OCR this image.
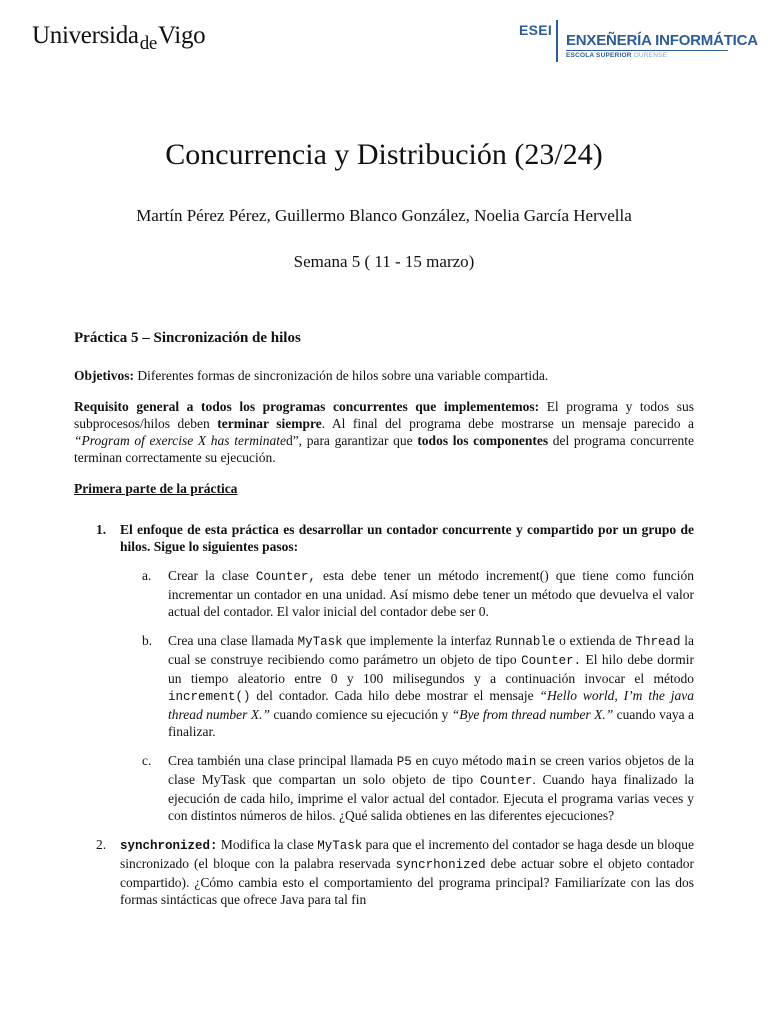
Universida$_{de}$Vigo	ESEI
ENXEÑERÍA INFORMÁTICA
ESCOLA SUPERIOR OURENSE
Concurrencia y Distribución (23/24)
Martín Pérez Pérez, Guillermo Blanco González, Noelia García Hervella
Semana 5 ( 11 - 15 marzo)
Práctica 5 – Sincronización de hilos

Objetivos: Diferentes formas de sincronización de hilos sobre una variable compartida.

Requisito general a todos los programas concurrentes que implementemos: El programa y todos sus subprocesos/hilos deben terminar siempre. Al final del programa debe mostrarse un mensaje parecido a “Program of exercise X has terminated”, para garantizar que todos los componentes del programa concurrente terminan correctamente su ejecución.

Primera parte de la práctica
1. El enfoque de esta práctica es desarrollar un contador concurrente y compartido por un grupo de hilos. Sigue lo siguientes pasos:
a. Crear la clase Counter, esta debe tener un método increment() que tiene como función incrementar un contador en una unidad. Así mismo debe tener un método que devuelva el valor actual del contador. El valor inicial del contador debe ser 0.
b. Crea una clase llamada MyTask que implemente la interfaz Runnable o extienda de Thread la cual se construye recibiendo como parámetro un objeto de tipo Counter. El hilo debe dormir un tiempo aleatorio entre 0 y 100 milisegundos y a continuación invocar el método increment() del contador. Cada hilo debe mostrar el mensaje “Hello world, I’m the java thread number X.” cuando comience su ejecución y “Bye from thread number X.” cuando vaya a finalizar.
c. Crea también una clase principal llamada P5 en cuyo método main se creen varios objetos de la clase MyTask que compartan un solo objeto de tipo Counter. Cuando haya finalizado la ejecución de cada hilo, imprime el valor actual del contador. Ejecuta el programa varias veces y con distintos números de hilos. ¿Qué salida obtienes en las diferentes ejecuciones?
2. synchronized: Modifica la clase MyTask para que el incremento del contador se haga desde un bloque sincronizado (el bloque con la palabra reservada syncrhonized debe actuar sobre el objeto contador compartido). ¿Cómo cambia esto el comportamiento del programa principal? Familiarízate con las dos formas sintácticas que ofrece Java para tal fin
